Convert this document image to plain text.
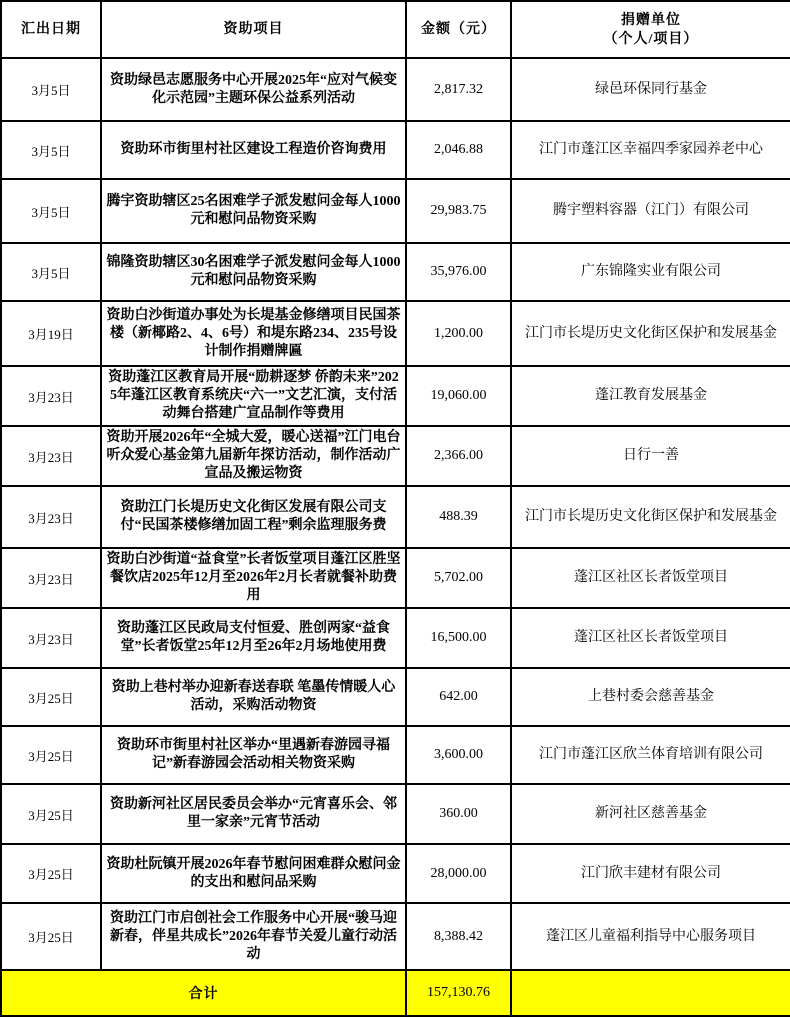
汇出日期	资助项目	金额（元）	捐赠单位
（个人/项目）

3月5日	资助绿邑志愿服务中心开展2025年“应对气候变化示范园”主题环保公益系列活动	2,817.32	绿邑环保同行基金
3月5日	资助环市街里村社区建设工程造价咨询费用	2,046.88	江门市蓬江区幸福四季家园养老中心
3月5日	腾宇资助辖区25名困难学子派发慰问金每人1000元和慰问品物资采购	29,983.75	腾宇塑料容器（江门）有限公司
3月5日	锦隆资助辖区30名困难学子派发慰问金每人1000元和慰问品物资采购	35,976.00	广东锦隆实业有限公司
3月19日	资助白沙街道办事处为长堤基金修缮项目民国茶楼（新椰路2、4、6号）和堤东路234、235号设计制作捐赠牌匾	1,200.00	江门市长堤历史文化街区保护和发展基金
3月23日	资助蓬江区教育局开展“励耕逐梦 侨韵未来”2025年蓬江区教育系统庆“六一”文艺汇演，支付活动舞台搭建广宣品制作等费用	19,060.00	蓬江教育发展基金
3月23日	资助开展2026年“全城大爱，暖心送福”江门电台听众爱心基金第九届新年探访活动，制作活动广宣品及搬运物资	2,366.00	日行一善
3月23日	资助江门长堤历史文化街区发展有限公司支付“民国茶楼修缮加固工程”剩余监理服务费	488.39	江门市长堤历史文化街区保护和发展基金
3月23日	资助白沙街道“益食堂”长者饭堂项目蓬江区胜坚餐饮店2025年12月至2026年2月长者就餐补助费用	5,702.00	蓬江区社区长者饭堂项目
3月23日	资助蓬江区民政局支付恒爱、胜创两家“益食堂”长者饭堂25年12月至26年2月场地使用费	16,500.00	蓬江区社区长者饭堂项目
3月25日	资助上巷村举办迎新春送春联 笔墨传情暖人心活动，采购活动物资	642.00	上巷村委会慈善基金
3月25日	资助环市街里村社区举办“里遇新春游园寻福记”新春游园会活动相关物资采购	3,600.00	江门市蓬江区欣兰体育培训有限公司
3月25日	资助新河社区居民委员会举办“元宵喜乐会、邻里一家亲”元宵节活动	360.00	新河社区慈善基金
3月25日	资助杜阮镇开展2026年春节慰问困难群众慰问金的支出和慰问品采购	28,000.00	江门欣丰建材有限公司
3月25日	资助江门市启创社会工作服务中心开展“骏马迎新春，伴星共成长”2026年春节关爱儿童行动活动	8,388.42	蓬江区儿童福利指导中心服务项目
合计		157,130.76	
